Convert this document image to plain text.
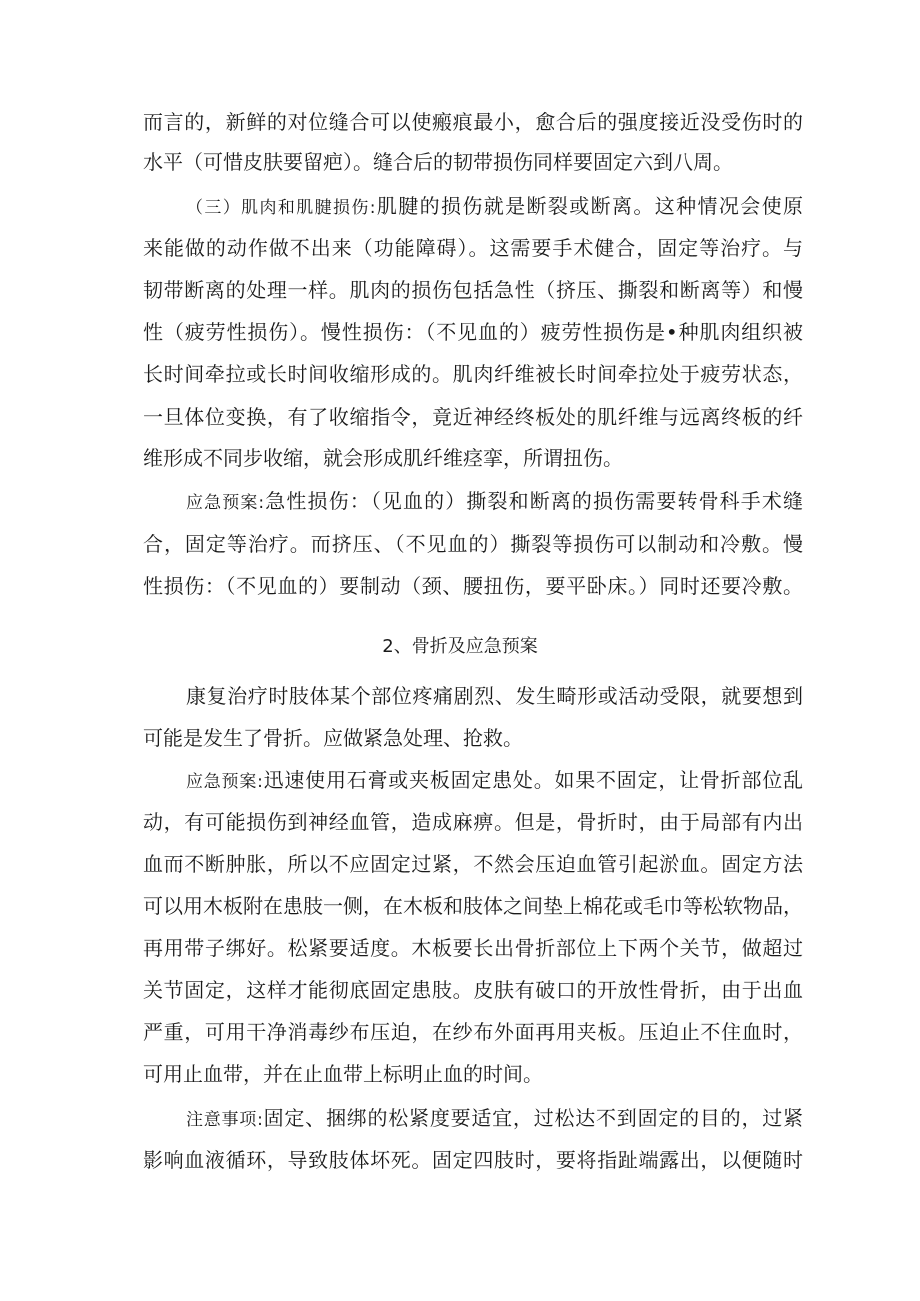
而言的，新鲜的对位缝合可以使瘢痕最小，愈合后的强度接近没受伤时的
水平（可惜皮肤要留疤）。缝合后的韧带损伤同样要固定六到八周。
（三）肌肉和肌腱损伤:肌腱的损伤就是断裂或断离。这种情况会使原
来能做的动作做不出来（功能障碍）。这需要手术健合，固定等治疗。与
韧带断离的处理一样。肌肉的损伤包括急性（挤压、撕裂和断离等）和慢
性（疲劳性损伤）。慢性损伤：（不见血的）疲劳性损伤是•种肌肉组织被
长时间牵拉或长时间收缩形成的。肌肉纤维被长时间牵拉处于疲劳状态，
一旦体位变换，有了收缩指令，竟近神经终板处的肌纤维与远离终板的纤
维形成不同步收缩，就会形成肌纤维痉挛，所谓扭伤。
应急预案:急性损伤：（见血的）撕裂和断离的损伤需要转骨科手术缝
合，固定等治疗。而挤压、（不见血的）撕裂等损伤可以制动和冷敷。慢
性损伤：（不见血的）要制动（颈、腰扭伤，要平卧床。）同时还要冷敷。
2、骨折及应急预案
康复治疗时肢体某个部位疼痛剧烈、发生畸形或活动受限，就要想到
可能是发生了骨折。应做紧急处理、抢救。
应急预案:迅速使用石膏或夹板固定患处。如果不固定，让骨折部位乱
动，有可能损伤到神经血管，造成麻痹。但是，骨折时，由于局部有内出
血而不断肿胀，所以不应固定过紧，不然会压迫血管引起淤血。固定方法
可以用木板附在患肢一侧，在木板和肢体之间垫上棉花或毛巾等松软物品，
再用带子绑好。松紧要适度。木板要长出骨折部位上下两个关节，做超过
关节固定，这样才能彻底固定患肢。皮肤有破口的开放性骨折，由于出血
严重，可用干净消毒纱布压迫，在纱布外面再用夹板。压迫止不住血时，
可用止血带，并在止血带上标明止血的时间。
注意事项:固定、捆绑的松紧度要适宜，过松达不到固定的目的，过紧
影响血液循环，导致肢体坏死。固定四肢时，要将指趾端露出，以便随时
